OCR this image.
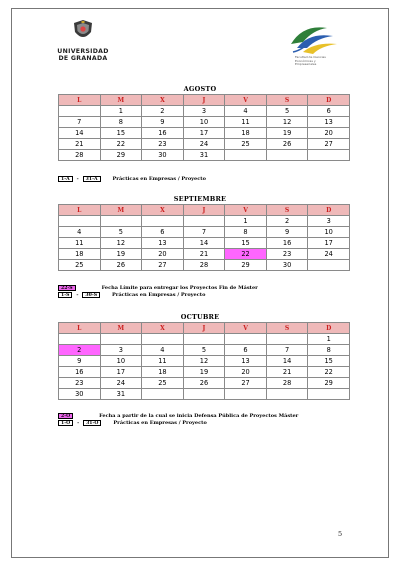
UNIVERSIDAD
DE GRANADA	Facultad de Ciencias Económicas y Empresariales
AGOSTO
L	M	X	J	V	S	D
	1	2	3	4	5	6
7	8	9	10	11	12	13
14	15	16	17	18	19	20
21	22	23	24	25	26	27
28	29	30	31			
1-A	-	31-A	Prácticas en Empresas / Proyecto
SEPTIEMBRE
L	M	X	J	V	S	D
				1	2	3
4	5	6	7	8	9	10
11	12	13	14	15	16	17
18	19	20	21	22	23	24
25	26	27	28	29	30	
22-S	Fecha Límite para entregar los Proyectos Fin de Máster
1-S	-	30-S	Prácticas en Empresas / Proyecto
OCTUBRE
L	M	X	J	V	S	D
						1
2	3	4	5	6	7	8
9	10	11	12	13	14	15
16	17	18	19	20	21	22
23	24	25	26	27	28	29
30	31					
2-O	Fecha a partir de la cual se inicia Defensa Pública de Proyectos Máster
1-O	-	31-O	Prácticas en Empresas / Proyecto
5
